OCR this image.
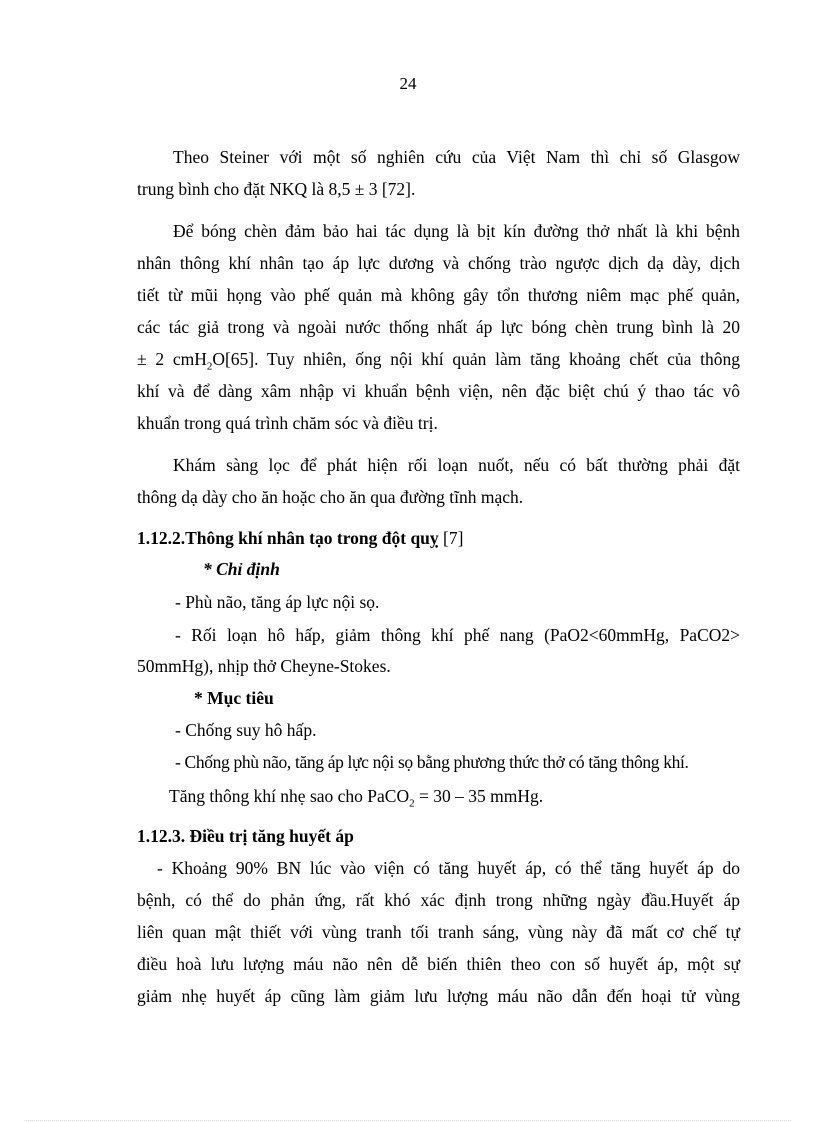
24
Theo Steiner với một số nghiên cứu của Việt Nam thì chỉ số Glasgow
trung bình cho đặt NKQ là 8,5 ± 3 [72].
Để bóng chèn đảm bảo hai tác dụng là bịt kín đường thở nhất là khi bệnh
nhân thông khí nhân tạo áp lực dương và chống trào ngược dịch dạ dày, dịch
tiết từ mũi họng vào phế quản mà không gây tổn thương niêm mạc phế quản,
các tác giả trong và ngoài nước thống nhất áp lực bóng chèn trung bình là 20
± 2 cmH$_2$O[65]. Tuy nhiên, ống nội khí quản làm tăng khoảng chết của thông
khí và để dàng xâm nhập vi khuẩn bệnh viện, nên đặc biệt chú ý thao tác vô
khuẩn trong quá trình chăm sóc và điều trị.
Khám sàng lọc để phát hiện rối loạn nuốt, nếu có bất thường phải đặt
thông dạ dày cho ăn hoặc cho ăn qua đường tĩnh mạch.
1.12.2.Thông khí nhân tạo trong đột quỵ [7]
* Chỉ định
- Phù não, tăng áp lực nội sọ.
- Rối loạn hô hấp, giảm thông khí phế nang (PaO2<60mmHg, PaCO2>
50mmHg), nhịp thở Cheyne-Stokes.
* Mục tiêu
- Chống suy hô hấp.
- Chống phù não, tăng áp lực nội sọ bằng phương thức thở có tăng thông khí.
Tăng thông khí nhẹ sao cho PaCO$_2$ = 30 – 35 mmHg.
1.12.3. Điều trị tăng huyết áp
- Khoảng 90% BN lúc vào viện có tăng huyết áp, có thể tăng huyết áp do
bệnh, có thể do phản ứng, rất khó xác định trong những ngày đầu.Huyết áp
liên quan mật thiết với vùng tranh tối tranh sáng, vùng này đã mất cơ chế tự
điều hoà lưu lượng máu não nên dễ biến thiên theo con số huyết áp, một sự
giảm nhẹ huyết áp cũng làm giảm lưu lượng máu não dẫn đến hoại tử vùng
